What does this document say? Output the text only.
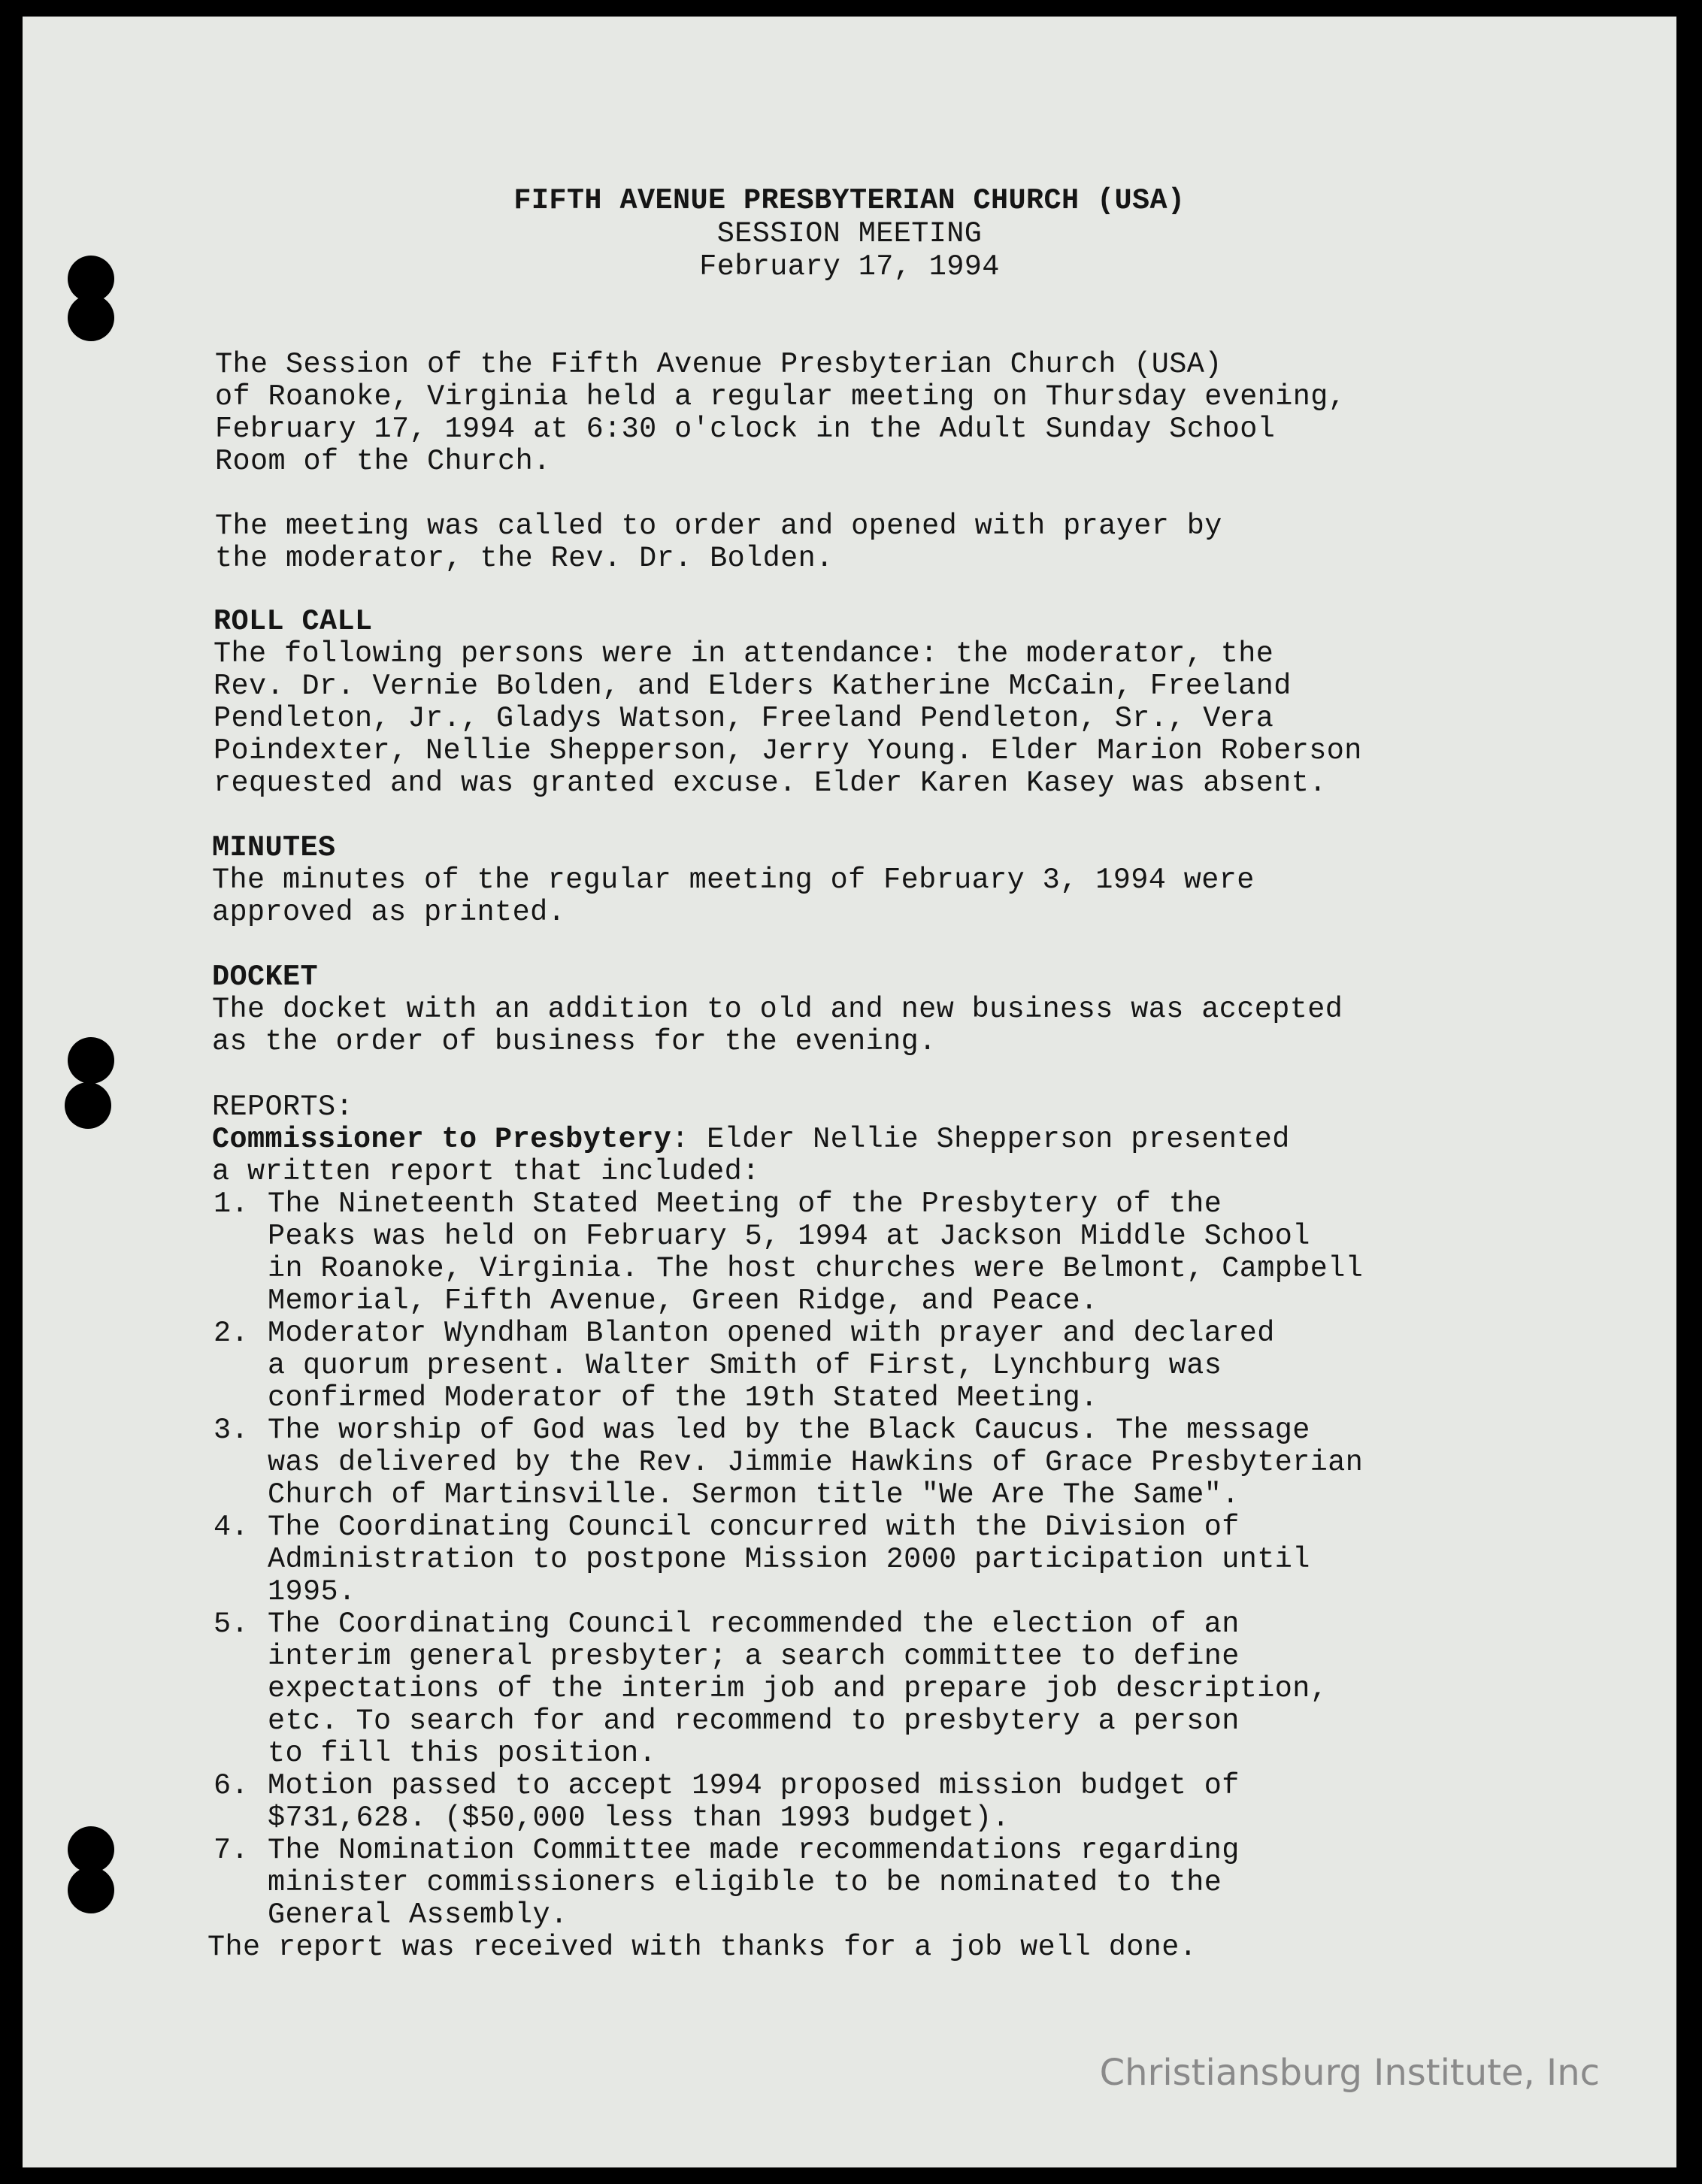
FIFTH AVENUE PRESBYTERIAN CHURCH (USA)
SESSION MEETING
February 17, 1994
The Session of the Fifth Avenue Presbyterian Church (USA)
of Roanoke, Virginia held a regular meeting on Thursday evening,
February 17, 1994 at 6:30 o'clock in the Adult Sunday School
Room of the Church.
The meeting was called to order and opened with prayer by
the moderator, the Rev. Dr. Bolden.
ROLL CALL
The following persons were in attendance: the moderator, the
Rev. Dr. Vernie Bolden, and Elders Katherine McCain, Freeland
Pendleton, Jr., Gladys Watson, Freeland Pendleton, Sr., Vera
Poindexter, Nellie Shepperson, Jerry Young. Elder Marion Roberson
requested and was granted excuse. Elder Karen Kasey was absent.
MINUTES
The minutes of the regular meeting of February 3, 1994 were
approved as printed.
DOCKET
The docket with an addition to old and new business was accepted
as the order of business for the evening.
REPORTS:
Commissioner to Presbytery: Elder Nellie Shepperson presented
a written report that included:
1. The Nineteenth Stated Meeting of the Presbytery of the
Peaks was held on February 5, 1994 at Jackson Middle School
in Roanoke, Virginia. The host churches were Belmont, Campbell
Memorial, Fifth Avenue, Green Ridge, and Peace.
2. Moderator Wyndham Blanton opened with prayer and declared
a quorum present. Walter Smith of First, Lynchburg was
confirmed Moderator of the 19th Stated Meeting.
3. The worship of God was led by the Black Caucus. The message
was delivered by the Rev. Jimmie Hawkins of Grace Presbyterian
Church of Martinsville. Sermon title "We Are The Same".
4. The Coordinating Council concurred with the Division of
Administration to postpone Mission 2000 participation until
1995.
5. The Coordinating Council recommended the election of an
interim general presbyter; a search committee to define
expectations of the interim job and prepare job description,
etc. To search for and recommend to presbytery a person
to fill this position.
6. Motion passed to accept 1994 proposed mission budget of
$731,628. ($50,000 less than 1993 budget).
7. The Nomination Committee made recommendations regarding
minister commissioners eligible to be nominated to the
General Assembly.
The report was received with thanks for a job well done.
Christiansburg Institute, Inc
